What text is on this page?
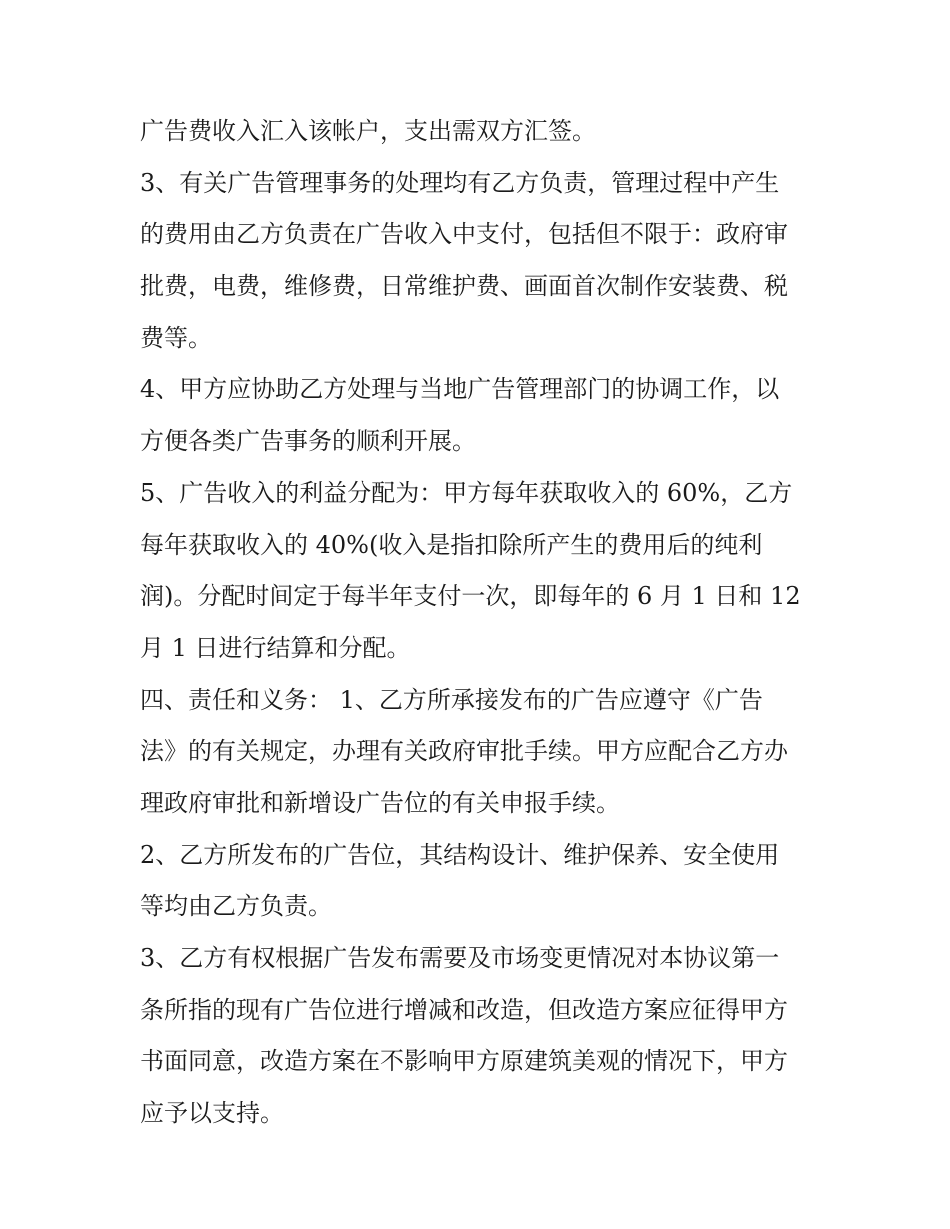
广告费收入汇入该帐户，支出需双方汇签。
3、有关广告管理事务的处理均有乙方负责，管理过程中产生
的费用由乙方负责在广告收入中支付，包括但不限于：政府审
批费，电费，维修费，日常维护费、画面首次制作安装费、税
费等。
4、甲方应协助乙方处理与当地广告管理部门的协调工作，以
方便各类广告事务的顺利开展。
5、广告收入的利益分配为：甲方每年获取收入的 60%，乙方
每年获取收入的 40%(收入是指扣除所产生的费用后的纯利
润)。分配时间定于每半年支付一次，即每年的 6 月 1 日和 12
月 1 日进行结算和分配。
四、责任和义务： 1、乙方所承接发布的广告应遵守《广告
法》的有关规定，办理有关政府审批手续。甲方应配合乙方办
理政府审批和新增设广告位的有关申报手续。
2、乙方所发布的广告位，其结构设计、维护保养、安全使用
等均由乙方负责。
3、乙方有权根据广告发布需要及市场变更情况对本协议第一
条所指的现有广告位进行增减和改造，但改造方案应征得甲方
书面同意，改造方案在不影响甲方原建筑美观的情况下，甲方
应予以支持。
